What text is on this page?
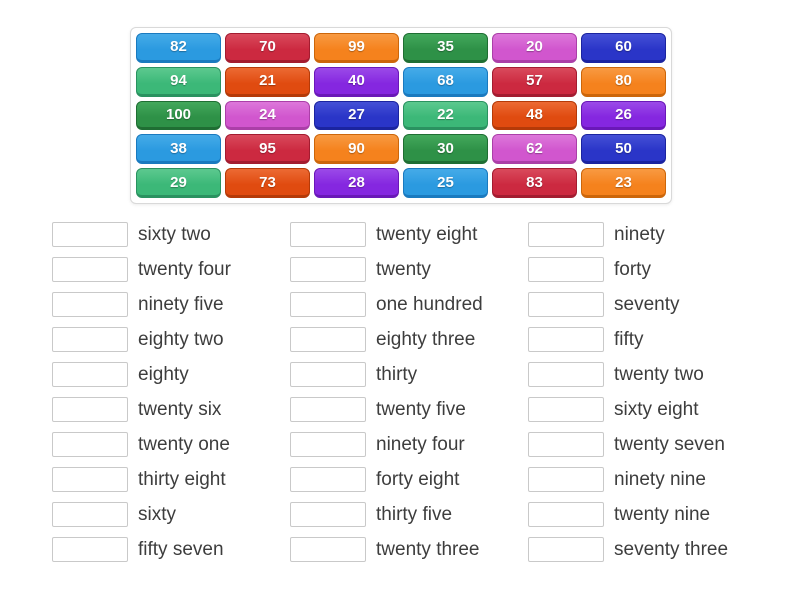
82	70	99	35	20	60
94	21	40	68	57	80
100	24	27	22	48	26
38	95	90	30	62	50
29	73	28	25	83	23
sixty two
twenty four
ninety five
eighty two
eighty
twenty six
twenty one
thirty eight
sixty
fifty seven
twenty eight
twenty
one hundred
eighty three
thirty
twenty five
ninety four
forty eight
thirty five
twenty three
ninety
forty
seventy
fifty
twenty two
sixty eight
twenty seven
ninety nine
twenty nine
seventy three
